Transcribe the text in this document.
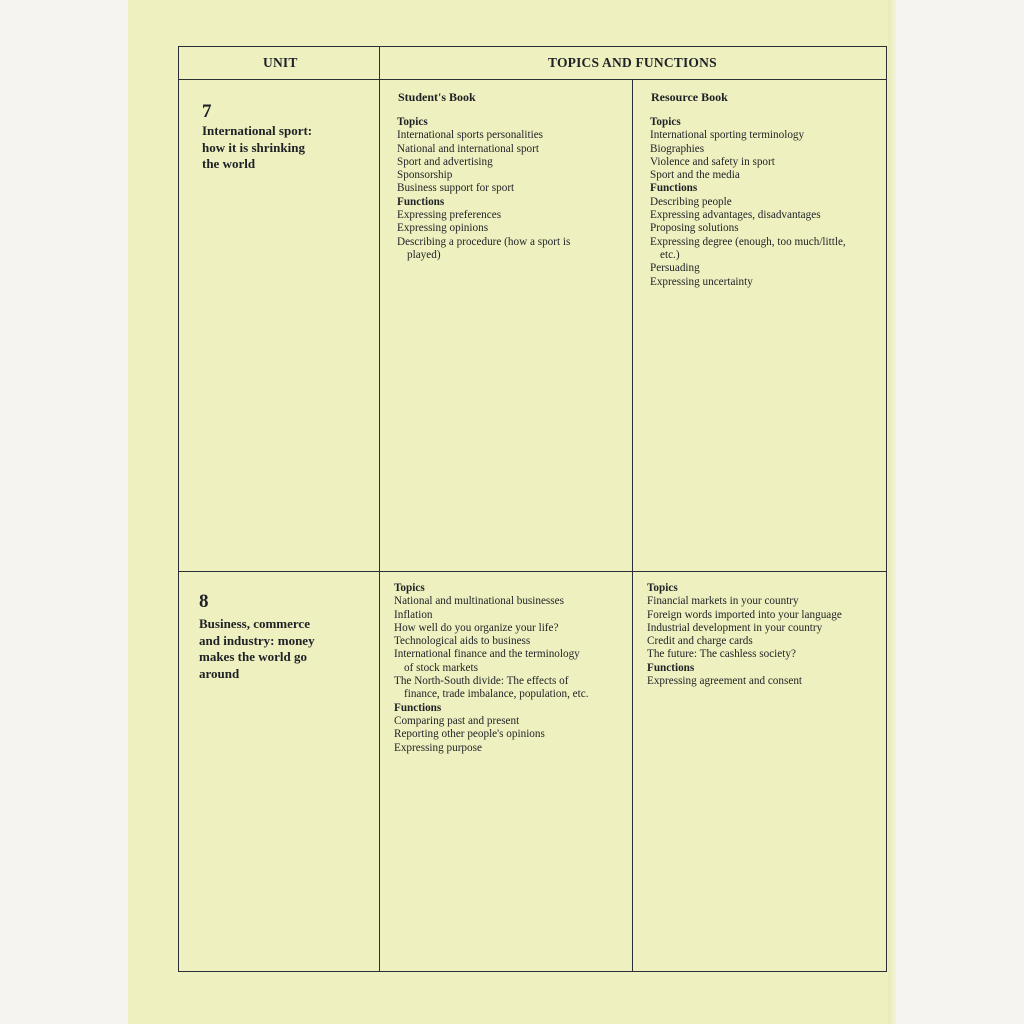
UNIT	TOPICS AND FUNCTIONS
Student's Book	Resource Book
7
International sport:
how it is shrinking
the world
Topics
International sports personalities
National and international sport
Sport and advertising
Sponsorship
Business support for sport
Functions
Expressing preferences
Expressing opinions
Describing a procedure (how a sport is
played)
Topics
International sporting terminology
Biographies
Violence and safety in sport
Sport and the media
Functions
Describing people
Expressing advantages, disadvantages
Proposing solutions
Expressing degree (enough, too much/little,
etc.)
Persuading
Expressing uncertainty
8
Business, commerce
and industry: money
makes the world go
around
Topics
National and multinational businesses
Inflation
How well do you organize your life?
Technological aids to business
International finance and the terminology
of stock markets
The North-South divide: The effects of
finance, trade imbalance, population, etc.
Functions
Comparing past and present
Reporting other people's opinions
Expressing purpose
Topics
Financial markets in your country
Foreign words imported into your language
Industrial development in your country
Credit and charge cards
The future: The cashless society?
Functions
Expressing agreement and consent
